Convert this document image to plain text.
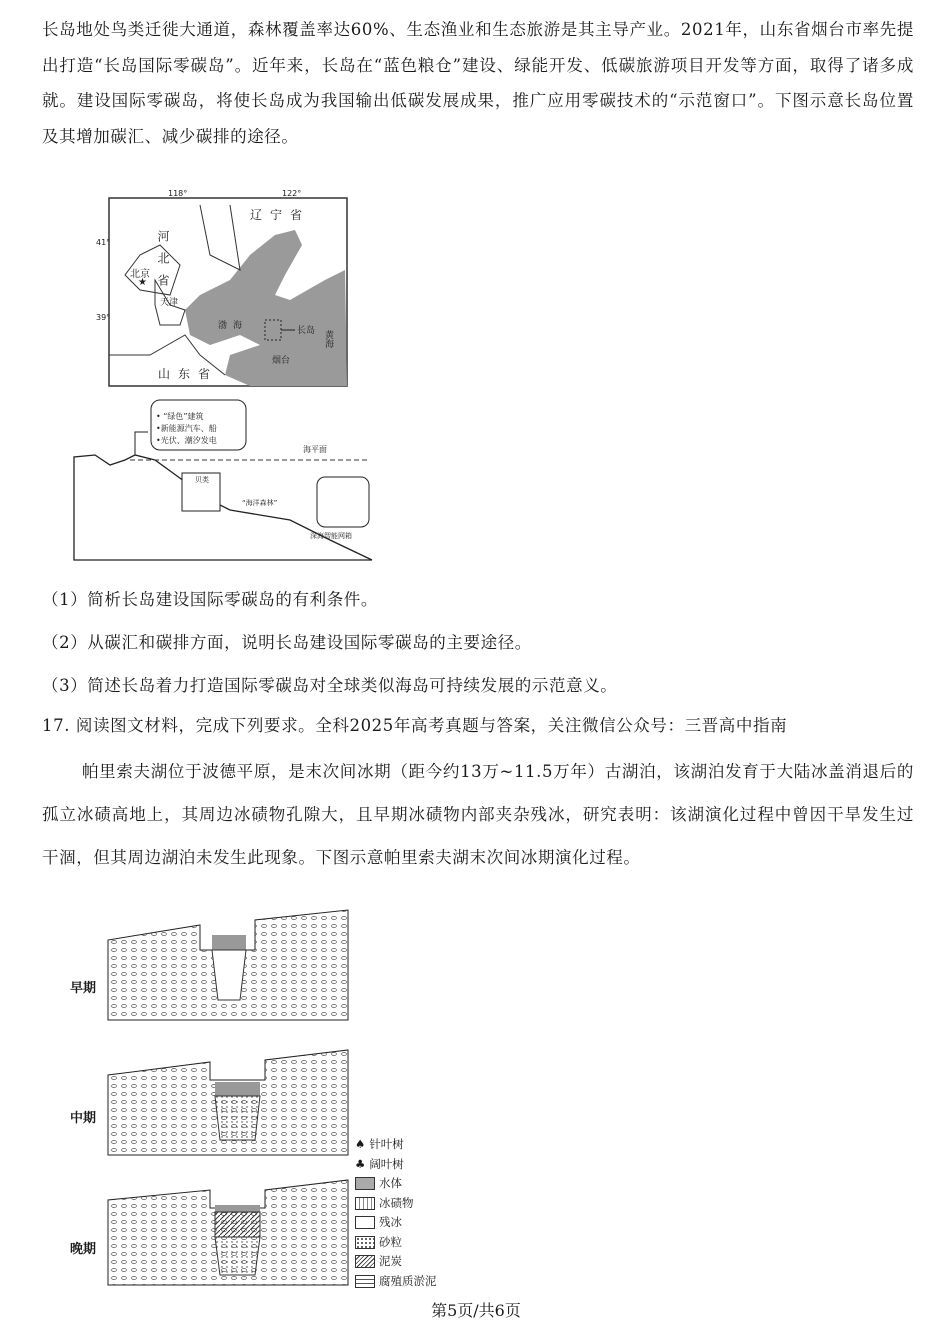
长岛地处鸟类迁徙大通道，森林覆盖率达60%、生态渔业和生态旅游是其主导产业。2021年，山东省烟台市率先提出打造“长岛国际零碳岛”。近年来，长岛在“蓝色粮仓”建设、绿能开发、低碳旅游项目开发等方面，取得了诸多成就。建设国际零碳岛，将使长岛成为我国输出低碳发展成果，推广应用零碳技术的“示范窗口”。下图示意长岛位置及其增加碳汇、减少碳排的途径。
118°	122°
41°
39°
河北省
辽宁省
北京
★
天津
渤海	长岛 黄海
烟台
山东省
• “绿色”建筑
•新能源汽车、船
•光伏、潮汐发电
海平面
贝类
“海洋森林”
深海智能网箱
（1）简析长岛建设国际零碳岛的有利条件。
（2）从碳汇和碳排方面，说明长岛建设国际零碳岛的主要途径。
（3）简述长岛着力打造国际零碳岛对全球类似海岛可持续发展的示范意义。
17. 阅读图文材料，完成下列要求。全科2025年高考真题与答案，关注微信公众号：三晋高中指南
帕里索夫湖位于波德平原，是末次间冰期（距今约13万~11.5万年）古湖泊，该湖泊发育于大陆冰盖消退后的孤立冰碛高地上，其周边冰碛物孔隙大，且早期冰碛物内部夹杂残冰，研究表明：该湖演化过程中曾因干旱发生过干涸，但其周边湖泊未发生此现象。下图示意帕里索夫湖末次间冰期演化过程。
早期
中期
晚期
♠ 针叶树
♣ 阔叶树
水体
冰碛物
残冰
砂粒
泥炭
腐殖质淤泥
第5页/共6页
